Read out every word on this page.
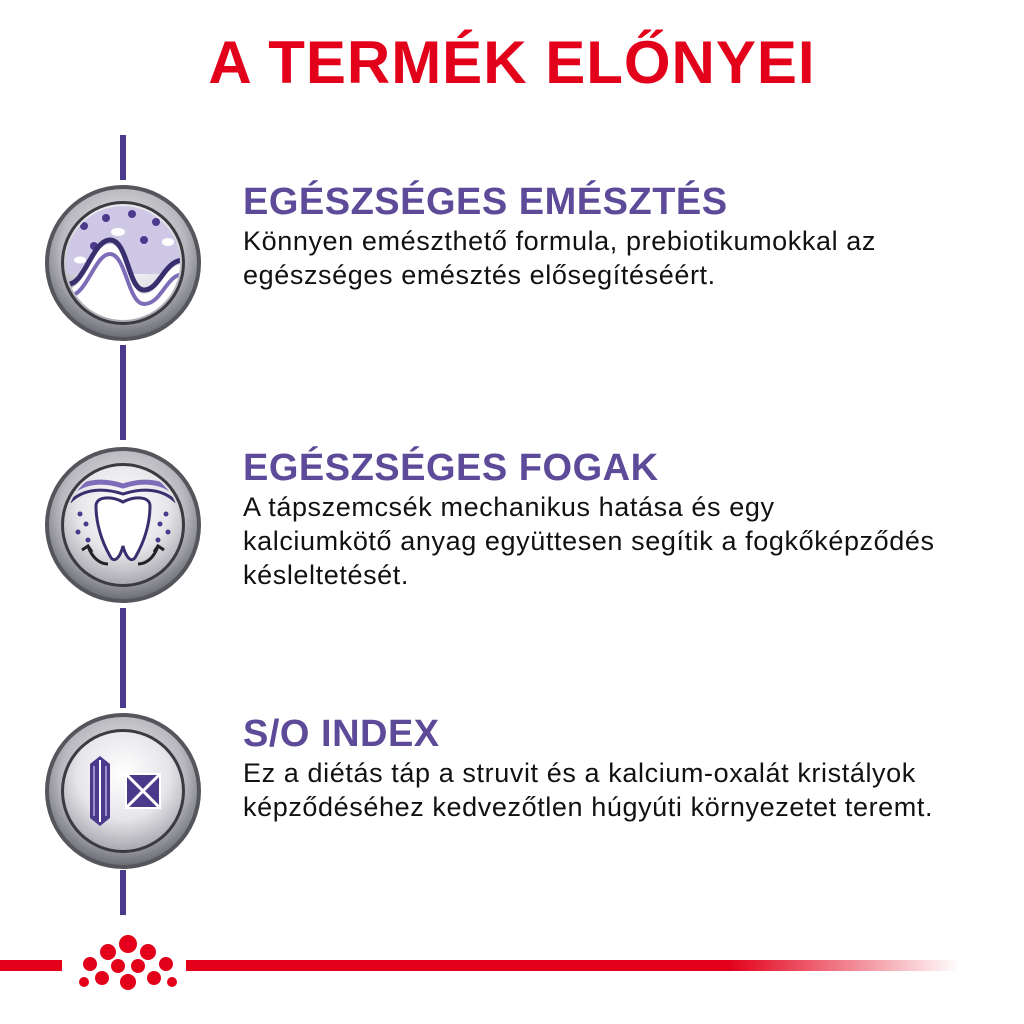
A TERMÉK ELŐNYEI
EGÉSZSÉGES EMÉSZTÉS

Könnyen emészthető formula, prebiotikumokkal az

egészséges emésztés elősegítéséért.

EGÉSZSÉGES FOGAK

A tápszemcsék mechanikus hatása és egy

kalciumkötő anyag együttesen segítik a fogkőképződés

késleltetését.

S/O INDEX

Ez a diétás táp a struvit és a kalcium-oxalát kristályok

képződéséhez kedvezőtlen húgyúti környezetet teremt.
